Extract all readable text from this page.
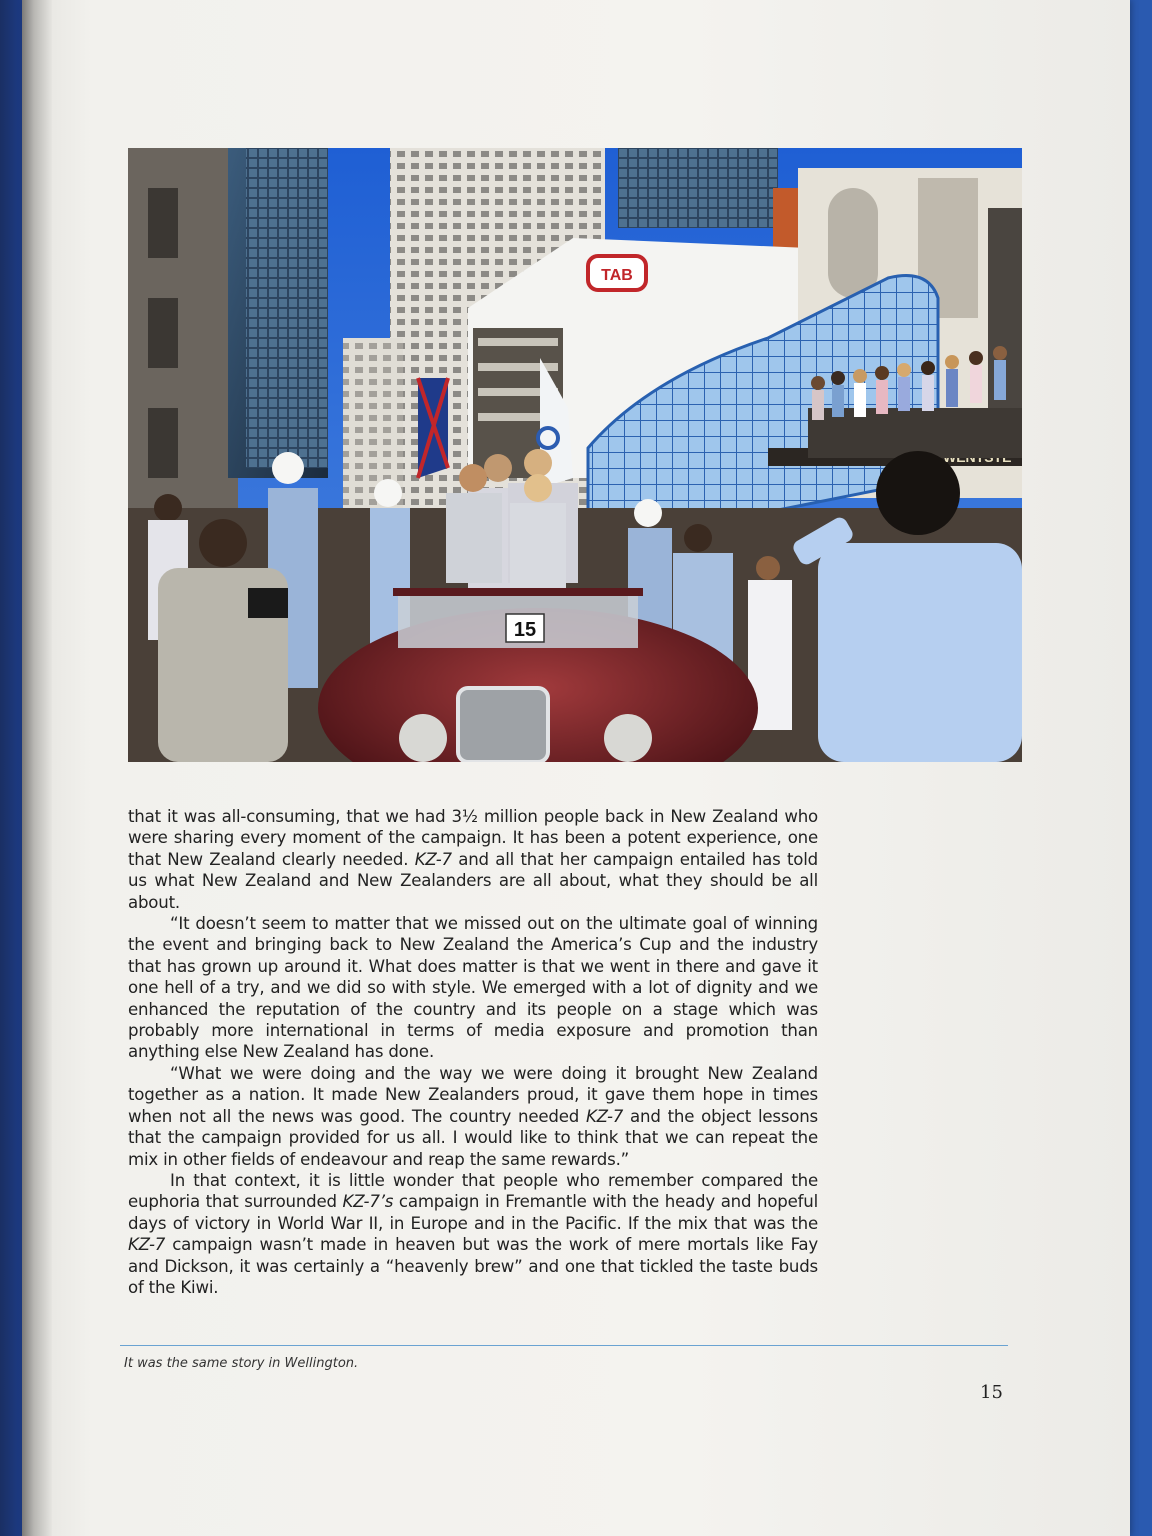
TAB
15

that it was all-consuming, that we had 3½ million people back in New Zealand who were sharing every moment of the campaign. It has been a potent experience, one that New Zealand clearly needed. KZ-7 and all that her campaign entailed has told us what New Zealand and New Zealanders are all about, what they should be all about.

“It doesn’t seem to matter that we missed out on the ultimate goal of winning the event and bringing back to New Zealand the America’s Cup and the industry that has grown up around it. What does matter is that we went in there and gave it one hell of a try, and we did so with style. We emerged with a lot of dignity and we enhanced the reputation of the country and its people on a stage which was probably more international in terms of media exposure and promotion than anything else New Zealand has done.

“What we were doing and the way we were doing it brought New Zealand together as a nation. It made New Zealanders proud, it gave them hope in times when not all the news was good. The country needed KZ-7 and the object lessons that the campaign provided for us all. I would like to think that we can repeat the mix in other fields of endeavour and reap the same rewards.”

In that context, it is little wonder that people who remember compared the euphoria that surrounded KZ-7’s campaign in Fremantle with the heady and hopeful days of victory in World War II, in Europe and in the Pacific. If the mix that was the KZ-7 campaign wasn’t made in heaven but was the work of mere mortals like Fay and Dickson, it was certainly a “heavenly brew” and one that tickled the taste buds of the Kiwi.

It was the same story in Wellington.
15
